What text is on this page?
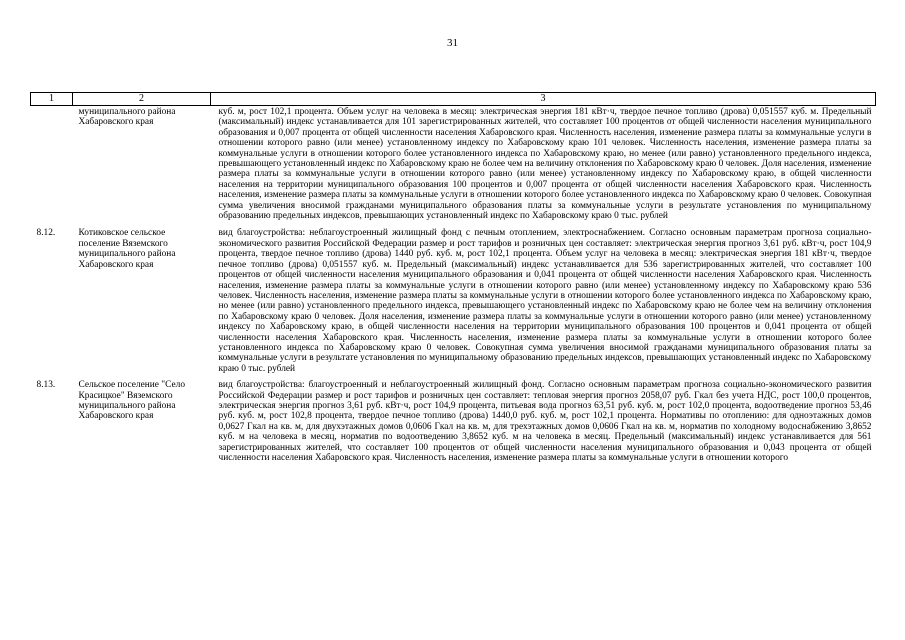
31
1	2	3
	муниципального района Хабаровского края	куб. м, рост 102,1 процента. Объем услуг на человека в месяц: электрическая энергия 181 кВт·ч, твердое печное топливо (дрова) 0,051557 куб. м. Предельный (максимальный) индекс устанавливается для 101 зарегистрированных жителей, что составляет 100 процентов от общей численности населения муниципального образования и 0,007 процента от общей численности населения Хабаровского края. Численность населения, изменение размера платы за коммунальные услуги в отношении которого равно (или менее) установленному индексу по Хабаровскому краю 101 человек. Численность населения, изменение размера платы за коммунальные услуги в отношении которого более установленного индекса по Хабаровскому краю, но менее (или равно) установленного предельного индекса, превышающего установленный индекс по Хабаровскому краю не более чем на величину отклонения по Хабаровскому краю 0 человек. Доля населения, изменение размера платы за коммунальные услуги в отношении которого равно (или менее) установленному индексу по Хабаровскому краю, в общей численности населения на территории муниципального образования 100 процентов и 0,007 процента от общей численности населения Хабаровского края. Численность населения, изменение размера платы за коммунальные услуги в отношении которого более установленного индекса по Хабаровскому краю 0 человек. Совокупная сумма увеличения вносимой гражданами муниципального образования платы за коммунальные услуги в результате установления по муниципальному образованию предельных индексов, превышающих установленный индекс по Хабаровскому краю 0 тыс. рублей
8.12.	Котиковское сельское поселение Вяземского муниципального района Хабаровского края	вид благоустройства: неблагоустроенный жилищный фонд с печным отоплением, электроснабжением. Согласно основным параметрам прогноза социально-экономического развития Российской Федерации размер и рост тарифов и розничных цен составляет: электрическая энергия прогноз 3,61 руб. кВт·ч, рост 104,9 процента, твердое печное топливо (дрова) 1440 руб. куб. м, рост 102,1 процента. Объем услуг на человека в месяц: электрическая энергия 181 кВт·ч, твердое печное топливо (дрова) 0,051557 куб. м. Предельный (максимальный) индекс устанавливается для 536 зарегистрированных жителей, что составляет 100 процентов от общей численности населения муниципального образования и 0,041 процента от общей численности населения Хабаровского края. Численность населения, изменение размера платы за коммунальные услуги в отношении которого равно (или менее) установленному индексу по Хабаровскому краю 536 человек. Численность населения, изменение размера платы за коммунальные услуги в отношении которого более установленного индекса по Хабаровскому краю, но менее (или равно) установленного предельного индекса, превышающего установленный индекс по Хабаровскому краю не более чем на величину отклонения по Хабаровскому краю 0 человек. Доля населения, изменение размера платы за коммунальные услуги в отношении которого равно (или менее) установленному индексу по Хабаровскому краю, в общей численности населения на территории муниципального образования 100 процентов и 0,041 процента от общей численности населения Хабаровского края. Численность населения, изменение размера платы за коммунальные услуги в отношении которого более установленного индекса по Хабаровскому краю 0 человек. Совокупная сумма увеличения вносимой гражданами муниципального образования платы за коммунальные услуги в результате установления по муниципальному образованию предельных индексов, превышающих установленный индекс по Хабаровскому краю 0 тыс. рублей
8.13.	Сельское поселение "Село Красицкое" Вяземского муниципального района Хабаровского края	вид благоустройства: благоустроенный и неблагоустроенный жилищный фонд. Согласно основным параметрам прогноза социально-экономического развития Российской Федерации размер и рост тарифов и розничных цен составляет: тепловая энергия прогноз 2058,07 руб. Гкал без учета НДС, рост 100,0 процентов, электрическая энергия прогноз 3,61 руб. кВт·ч, рост 104,9 процента, питьевая вода прогноз 63,51 руб. куб. м, рост 102,0 процента, водоотведение прогноз 53,46 руб. куб. м, рост 102,8 процента, твердое печное топливо (дрова) 1440,0 руб. куб. м, рост 102,1 процента. Нормативы по отоплению: для одноэтажных домов 0,0627 Гкал на кв. м, для двухэтажных домов 0,0606 Гкал на кв. м, для трехэтажных домов 0,0606 Гкал на кв. м, норматив по холодному водоснабжению 3,8652 куб. м на человека в месяц, норматив по водоотведению 3,8652 куб. м на человека в месяц. Предельный (максимальный) индекс устанавливается для 561 зарегистрированных жителей, что составляет 100 процентов от общей численности населения муниципального образования и 0,043 процента от общей численности населения Хабаровского края. Численность населения, изменение размера платы за коммунальные услуги в отношении которого
